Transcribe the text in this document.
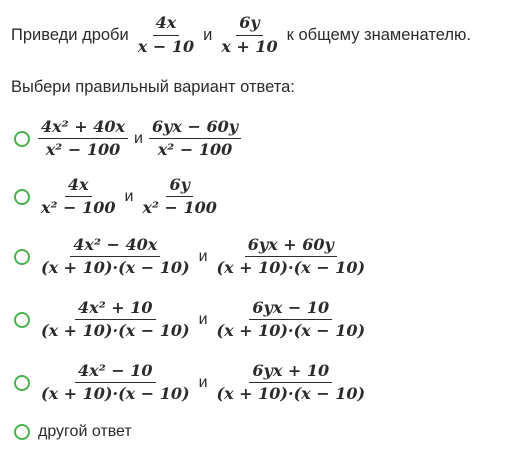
Приведи дроби $\frac{4x}{x - 10}$ и $\frac{6y}{x + 10}$ к общему знаменателю.
Выбери правильный вариант ответа:
$\frac{\text{4x² + 40x}}{\text{x² − 100}}$ и $\frac{6yx - 60y}{\text{x² − 100}}$
$\frac{4x}{\text{x² − 100}}$ и $\frac{6y}{\text{x² − 100}}$
$\frac{\text{4x² − 40x}}{(x + 10)\cdot(x - 10)}$ и $\frac{6yx + 60y}{(x + 10)\cdot(x - 10)}$
$\frac{\text{4x² + 10}}{(x + 10)\cdot(x - 10)}$ и $\frac{6yx - 10}{(x + 10)\cdot(x - 10)}$
$\frac{\text{4x² − 10}}{(x + 10)\cdot(x - 10)}$ и $\frac{6yx + 10}{(x + 10)\cdot(x - 10)}$
другой ответ
